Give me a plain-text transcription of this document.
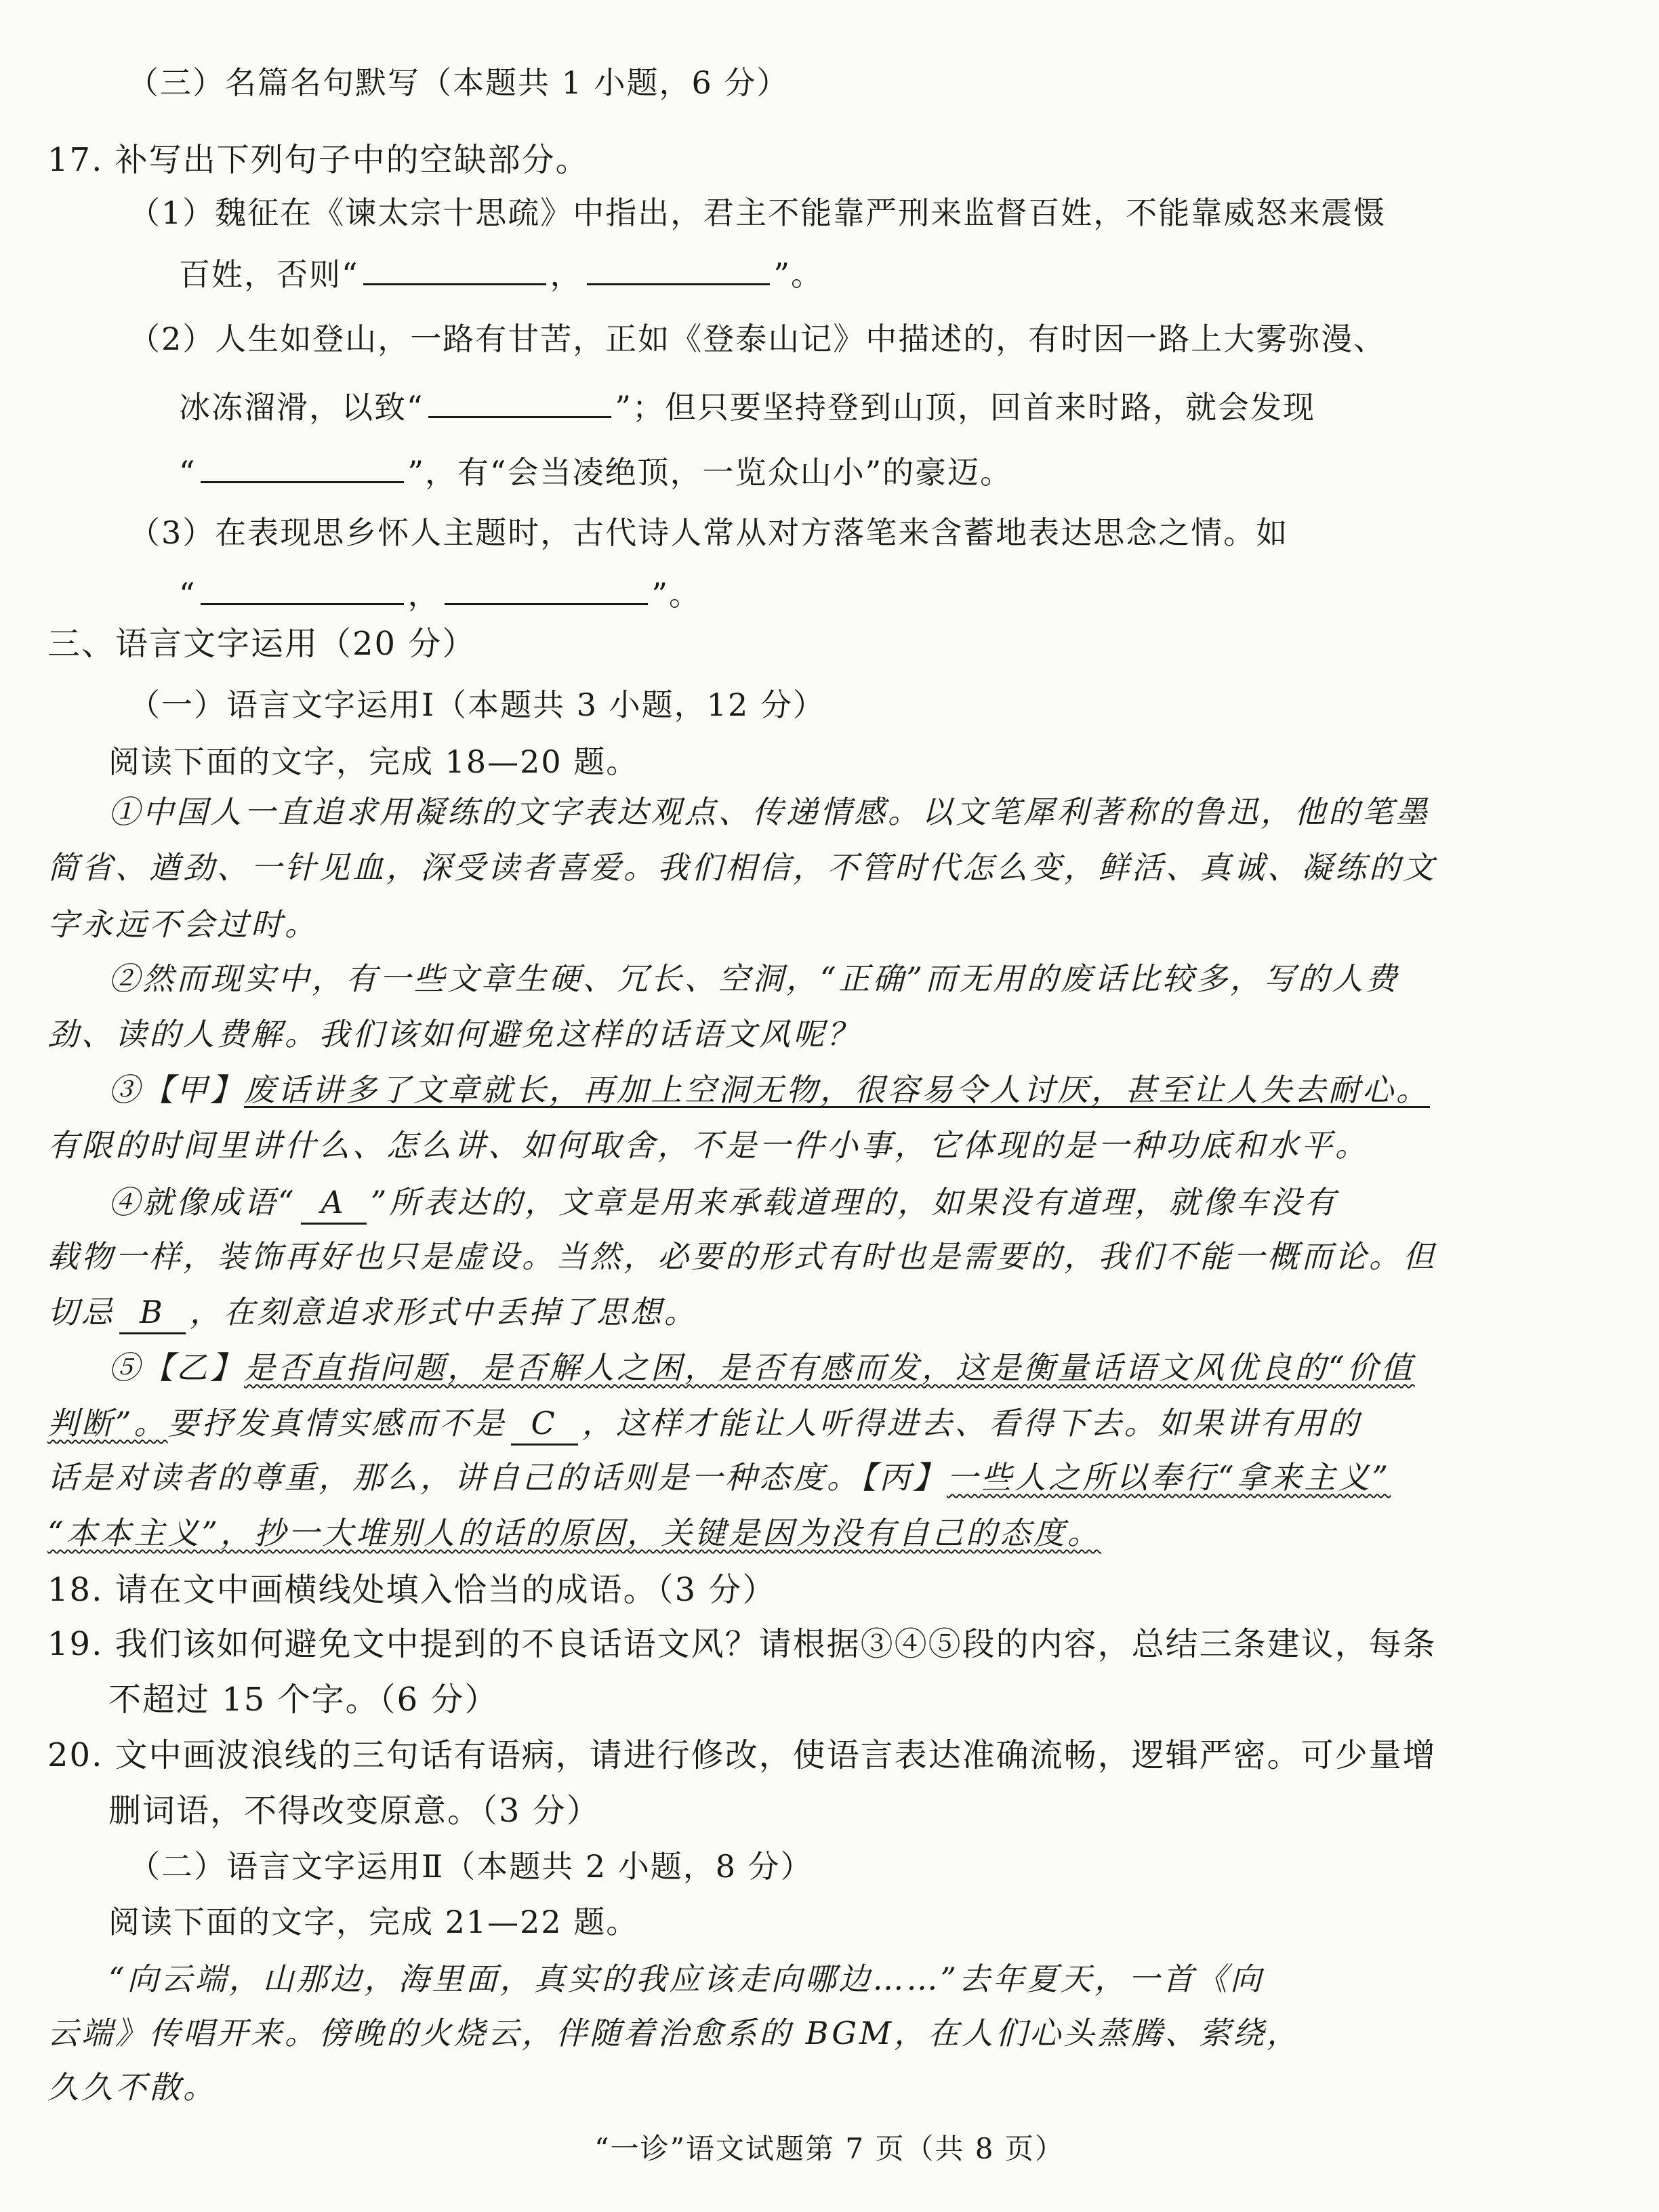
（三）名篇名句默写（本题共 1 小题，6 分）
17. 补写出下列句子中的空缺部分。
（1）魏征在《谏太宗十思疏》中指出，君主不能靠严刑来监督百姓，不能靠威怒来震慑
百姓，否则“	，	”。
（2）人生如登山，一路有甘苦，正如《登泰山记》中描述的，有时因一路上大雾弥漫、
冰冻溜滑，以致“	”；但只要坚持登到山顶，回首来时路，就会发现
“	”，有“会当凌绝顶，一览众山小”的豪迈。
（3）在表现思乡怀人主题时，古代诗人常从对方落笔来含蓄地表达思念之情。如
“	，	”。
三、语言文字运用（20 分）
（一）语言文字运用Ⅰ（本题共 3 小题，12 分）
阅读下面的文字，完成 18—20 题。
①中国人一直追求用凝练的文字表达观点、传递情感。以文笔犀利著称的鲁迅，他的笔墨
简省、遒劲、一针见血，深受读者喜爱。我们相信，不管时代怎么变，鲜活、真诚、凝练的文
字永远不会过时。
②然而现实中，有一些文章生硬、冗长、空洞，“正确”而无用的废话比较多，写的人费
劲、读的人费解。我们该如何避免这样的话语文风呢？
③【甲】废话讲多了文章就长，再加上空洞无物，很容易令人讨厌，甚至让人失去耐心。
有限的时间里讲什么、怎么讲、如何取舍，不是一件小事，它体现的是一种功底和水平。
④就像成语“ A ”所表达的，文章是用来承载道理的，如果没有道理，就像车没有
载物一样，装饰再好也只是虚设。当然，必要的形式有时也是需要的，我们不能一概而论。但
切忌 B ，在刻意追求形式中丢掉了思想。
⑤【乙】是否直指问题，是否解人之困，是否有感而发，这是衡量话语文风优良的“价值
判断”。要抒发真情实感而不是 C ，这样才能让人听得进去、看得下去。如果讲有用的
话是对读者的尊重，那么，讲自己的话则是一种态度。【丙】一些人之所以奉行“拿来主义”
“本本主义”，抄一大堆别人的话的原因，关键是因为没有自己的态度。
18. 请在文中画横线处填入恰当的成语。（3 分）
19. 我们该如何避免文中提到的不良话语文风？请根据③④⑤段的内容，总结三条建议，每条
不超过 15 个字。（6 分）
20. 文中画波浪线的三句话有语病，请进行修改，使语言表达准确流畅，逻辑严密。可少量增
删词语，不得改变原意。（3 分）
（二）语言文字运用Ⅱ（本题共 2 小题，8 分）
阅读下面的文字，完成 21—22 题。
“向云端，山那边，海里面，真实的我应该走向哪边……”去年夏天，一首《向
云端》传唱开来。傍晚的火烧云，伴随着治愈系的 BGM，在人们心头蒸腾、萦绕，
久久不散。
“一诊”语文试题第 7 页（共 8 页）
